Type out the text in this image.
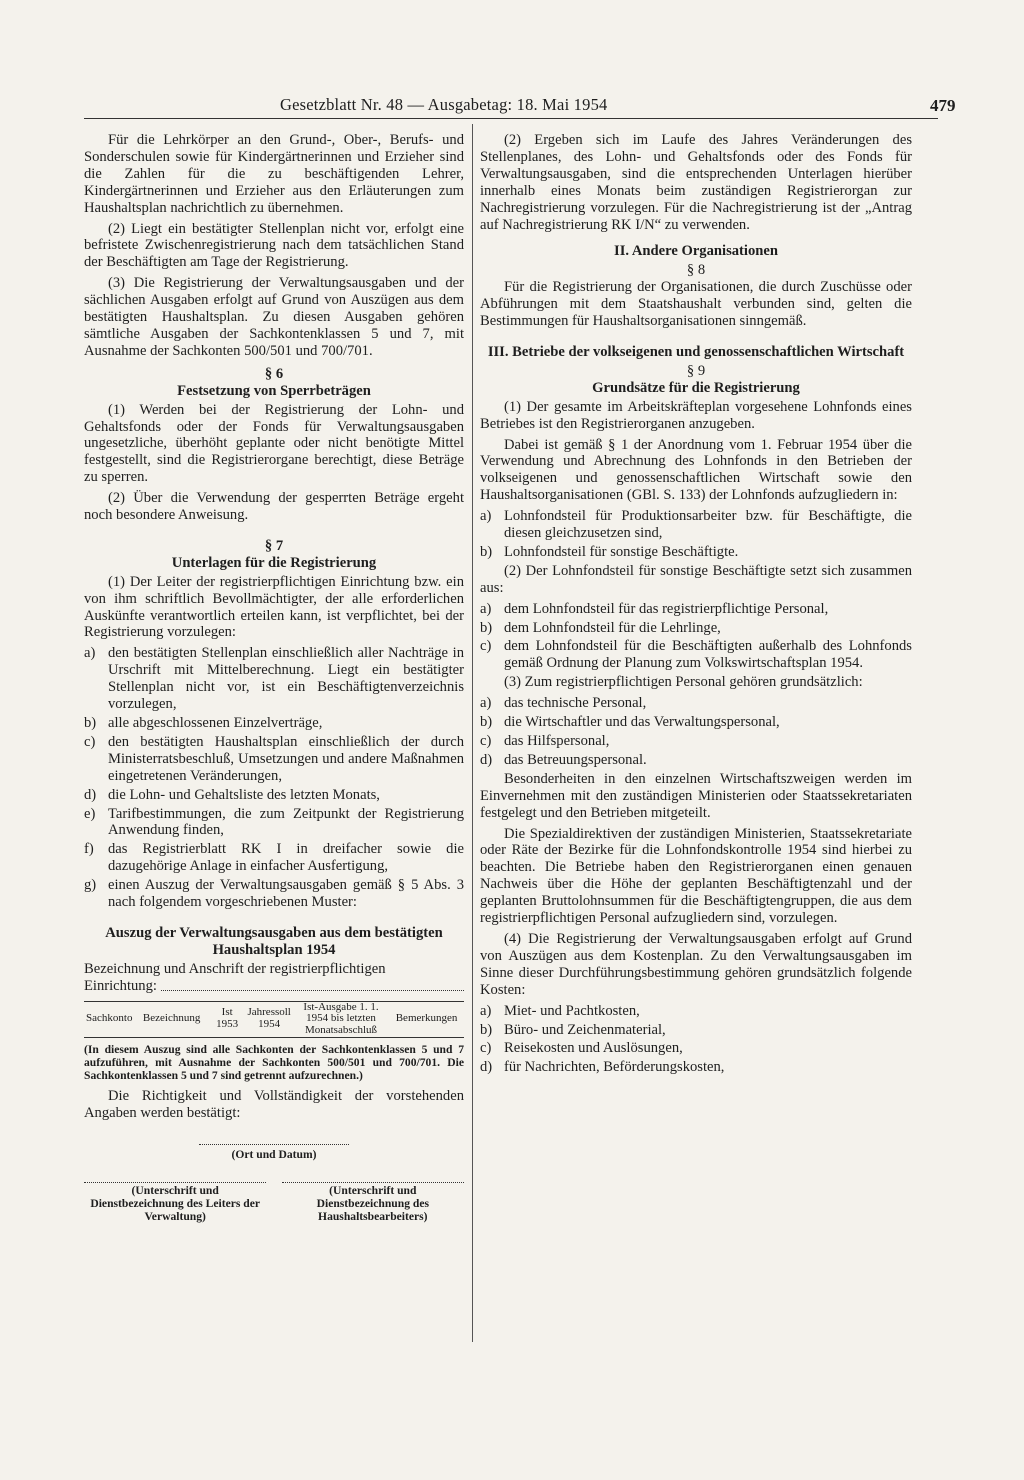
Gesetzblatt Nr. 48 — Ausgabetag: 18. Mai 1954	479

Für die Lehrkörper an den Grund-, Ober-, Berufs- und Sonderschulen sowie für Kindergärtnerinnen und Erzieher sind die Zahlen für die zu beschäftigenden Lehrer, Kindergärtnerinnen und Erzieher aus den Erläuterungen zum Haushaltsplan nachrichtlich zu übernehmen.

(2) Liegt ein bestätigter Stellenplan nicht vor, erfolgt eine befristete Zwischenregistrierung nach dem tatsächlichen Stand der Beschäftigten am Tage der Registrierung.

(3) Die Registrierung der Verwaltungsausgaben und der sächlichen Ausgaben erfolgt auf Grund von Auszügen aus dem bestätigten Haushaltsplan. Zu diesen Ausgaben gehören sämtliche Ausgaben der Sachkontenklassen 5 und 7, mit Ausnahme der Sachkonten 500/501 und 700/701.

§ 6

Festsetzung von Sperrbeträgen

(1) Werden bei der Registrierung der Lohn- und Gehaltsfonds oder der Fonds für Verwaltungsausgaben ungesetzliche, überhöht geplante oder nicht benötigte Mittel festgestellt, sind die Registrierorgane berechtigt, diese Beträge zu sperren.

(2) Über die Verwendung der gesperrten Beträge ergeht noch besondere Anweisung.

§ 7

Unterlagen für die Registrierung

(1) Der Leiter der registrierpflichtigen Einrichtung bzw. ein von ihm schriftlich Bevollmächtigter, der alle erforderlichen Auskünfte verantwortlich erteilen kann, ist verpflichtet, bei der Registrierung vorzulegen:

a) den bestätigten Stellenplan einschließlich aller Nachträge in Urschrift mit Mittelberechnung. Liegt ein bestätigter Stellenplan nicht vor, ist ein Beschäftigtenverzeichnis vorzulegen,
b) alle abgeschlossenen Einzelverträge,
c) den bestätigten Haushaltsplan einschließlich der durch Ministerratsbeschluß, Umsetzungen und andere Maßnahmen eingetretenen Veränderungen,
d) die Lohn- und Gehaltsliste des letzten Monats,
e) Tarifbestimmungen, die zum Zeitpunkt der Registrierung Anwendung finden,
f) das Registrierblatt RK I in dreifacher sowie die dazugehörige Anlage in einfacher Ausfertigung,
g) einen Auszug der Verwaltungsausgaben gemäß § 5 Abs. 3 nach folgendem vorgeschriebenen Muster:

Auszug der Verwaltungsausgaben aus dem bestätigten Haushaltsplan 1954

Bezeichnung und Anschrift der registrierpflichtigen

Einrichtung:
Sachkonto	Bezeichnung	Ist 1953	Jahressoll 1954	Ist-Ausgabe 1. 1. 1954 bis letzten Monatsabschluß	Bemerkungen

(In diesem Auszug sind alle Sachkonten der Sachkontenklassen 5 und 7 aufzuführen, mit Ausnahme der Sachkonten 500/501 und 700/701. Die Sachkontenklassen 5 und 7 sind getrennt aufzurechnen.)

Die Richtigkeit und Vollständigkeit der vorstehenden Angaben werden bestätigt:

(Ort und Datum)
(Unterschrift und Dienstbezeichnung des Leiters der Verwaltung)
(Unterschrift und Dienstbezeichnung des Haushaltsbearbeiters)

(2) Ergeben sich im Laufe des Jahres Veränderungen des Stellenplanes, des Lohn- und Gehaltsfonds oder des Fonds für Verwaltungsausgaben, sind die entsprechenden Unterlagen hierüber innerhalb eines Monats beim zuständigen Registrierorgan zur Nachregistrierung vorzulegen. Für die Nachregistrierung ist der „Antrag auf Nachregistrierung RK I/N“ zu verwenden.

II. Andere Organisationen

§ 8

Für die Registrierung der Organisationen, die durch Zuschüsse oder Abführungen mit dem Staatshaushalt verbunden sind, gelten die Bestimmungen für Haushaltsorganisationen sinngemäß.

III. Betriebe der volkseigenen und genossenschaftlichen Wirtschaft

§ 9

Grundsätze für die Registrierung

(1) Der gesamte im Arbeitskräfteplan vorgesehene Lohnfonds eines Betriebes ist den Registrierorganen anzugeben.

Dabei ist gemäß § 1 der Anordnung vom 1. Februar 1954 über die Verwendung und Abrechnung des Lohnfonds in den Betrieben der volkseigenen und genossenschaftlichen Wirtschaft sowie den Haushaltsorganisationen (GBl. S. 133) der Lohnfonds aufzugliedern in:

a) Lohnfondsteil für Produktionsarbeiter bzw. für Beschäftigte, die diesen gleichzusetzen sind,
b) Lohnfondsteil für sonstige Beschäftigte.

(2) Der Lohnfondsteil für sonstige Beschäftigte setzt sich zusammen aus:

a) dem Lohnfondsteil für das registrierpflichtige Personal,
b) dem Lohnfondsteil für die Lehrlinge,
c) dem Lohnfondsteil für die Beschäftigten außerhalb des Lohnfonds gemäß Ordnung der Planung zum Volkswirtschaftsplan 1954.

(3) Zum registrierpflichtigen Personal gehören grundsätzlich:

a) das technische Personal,
b) die Wirtschaftler und das Verwaltungspersonal,
c) das Hilfspersonal,
d) das Betreuungspersonal.

Besonderheiten in den einzelnen Wirtschaftszweigen werden im Einvernehmen mit den zuständigen Ministerien oder Staatssekretariaten festgelegt und den Betrieben mitgeteilt.

Die Spezialdirektiven der zuständigen Ministerien, Staatssekretariate oder Räte der Bezirke für die Lohnfondskontrolle 1954 sind hierbei zu beachten. Die Betriebe haben den Registrierorganen einen genauen Nachweis über die Höhe der geplanten Beschäftigtenzahl und der geplanten Bruttolohnsummen für die Beschäftigtengruppen, die aus dem registrierpflichtigen Personal aufzugliedern sind, vorzulegen.

(4) Die Registrierung der Verwaltungsausgaben erfolgt auf Grund von Auszügen aus dem Kostenplan. Zu den Verwaltungsausgaben im Sinne dieser Durchführungsbestimmung gehören grundsätzlich folgende Kosten:

a) Miet- und Pachtkosten,
b) Büro- und Zeichenmaterial,
c) Reisekosten und Auslösungen,
d) für Nachrichten, Beförderungskosten,
